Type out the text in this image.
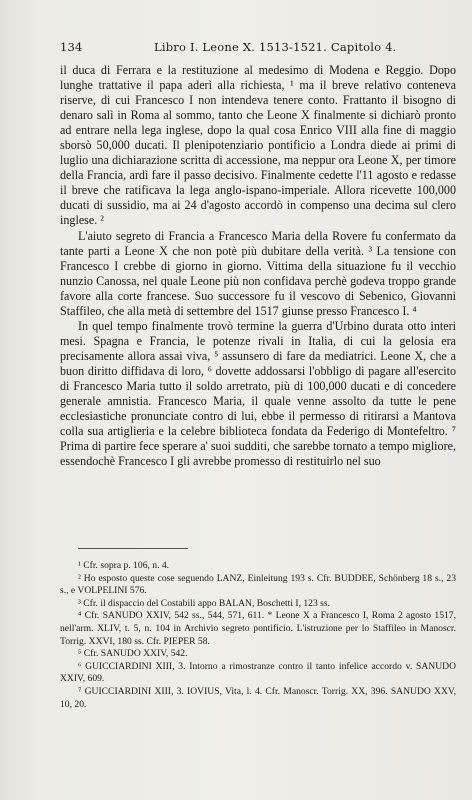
134	Libro I. Leone X. 1513-1521. Capitolo 4.

il duca di Ferrara e la restituzione al medesimo di Modena e Reggio. Dopo lunghe trattative il papa aderì alla richiesta, ¹ ma il breve relativo conteneva riserve, di cui Francesco I non intendeva tenere conto. Frattanto il bisogno di denaro salì in Roma al sommo, tanto che Leone X finalmente si dichiarò pronto ad entrare nella lega inglese, dopo la qual cosa Enrico VIII alla fine di maggio sborsò 50,000 ducati. Il plenipotenziario pontificio a Londra diede ai primi di luglio una dichiarazione scritta di accessione, ma neppur ora Leone X, per timore della Francia, ardì fare il passo decisivo. Finalmente cedette l'11 agosto e redasse il breve che ratificava la lega anglo-ispano-imperiale. Allora ricevette 100,000 ducati di sussidio, ma ai 24 d'agosto accordò in compenso una decima sul clero inglese. ²

L'aiuto segreto di Francia a Francesco Maria della Rovere fu confermato da tante parti a Leone X che non potè più dubitare della verità. ³ La tensione con Francesco I crebbe di giorno in giorno. Vittima della situazione fu il vecchio nunzio Canossa, nel quale Leone più non confidava perchè godeva troppo grande favore alla corte francese. Suo successore fu il vescovo di Sebenico, Giovanni Staffileo, che alla metà di settembre del 1517 giunse presso Francesco I. ⁴

In quel tempo finalmente trovò termine la guerra d'Urbino durata otto interi mesi. Spagna e Francia, le potenze rivali in Italia, di cui la gelosia era precisamente allora assai viva, ⁵ assunsero di fare da mediatrici. Leone X, che a buon diritto diffidava di loro, ⁶ dovette addossarsi l'obbligo di pagare all'esercito di Francesco Maria tutto il soldo arretrato, più di 100,000 ducati e di concedere generale amnistia. Francesco Maria, il quale venne assolto da tutte le pene ecclesiastiche pronunciate contro di lui, ebbe il permesso di ritirarsi a Mantova colla sua artiglieria e la celebre biblioteca fondata da Federigo di Montefeltro. ⁷ Prima di partire fece sperare a' suoi sudditi, che sarebbe tornato a tempo migliore, essendochè Francesco I gli avrebbe promesso di restituirlo nel suo

¹ Cfr. sopra p. 106, n. 4.

² Ho esposto queste cose seguendo LANZ, Einleitung 193 s. Cfr. BUDDEE, Schönberg 18 s., 23 s., e VOLPELINI 576.

³ Cfr. il dispaccio del Costabili appo BALAN, Boschetti I, 123 ss.

⁴ Cfr. SANUDO XXIV, 542 ss., 544, 571, 611. * Leone X a Francesco I, Roma 2 agosto 1517, nell'arm. XLIV, t. 5, n. 104 in Archivio segreto pontificio. L'istruzione per lo Staffileo in Manoscr. Torrig. XXVI, 180 ss. Cfr. PIEPER 58.

⁵ Cfr. SANUDO XXIV, 542.

⁶ GUICCIARDINI XIII, 3. Intorno a rimostranze contro il tanto infelice accordo v. SANUDO XXIV, 609.

⁷ GUICCIARDINI XIII, 3. IOVIUS, Vita, l. 4. Cfr. Manoscr. Torrig. XX, 396. SANUDO XXV, 10, 20.
